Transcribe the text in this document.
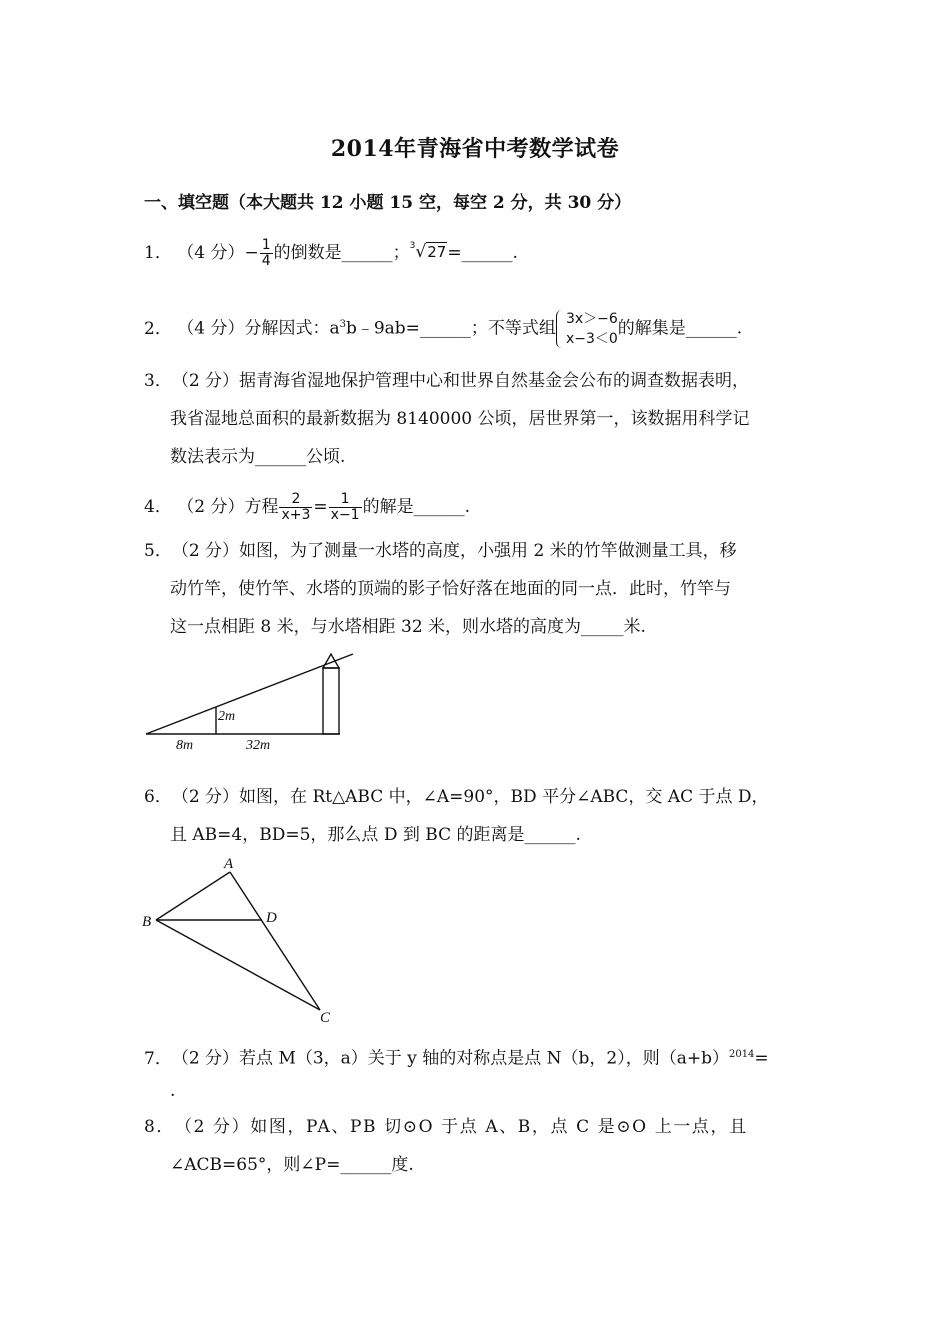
2014年青海省中考数学试卷
一、填空题（本大题共 12 小题 15 空，每空 2 分，共 30 分）
1． （4 分）− $\frac{1}{4}$ 的倒数是______；$^3$√27=______.
2． （4 分）分解因式：$a^3b﹣9ab=\_\_\_\_\_\_$；不等式组 3x＞−6
x−3＜0
的解集是______.
3．（2 分）据青海省湿地保护管理中心和世界自然基金会公布的调查数据表明，
我省湿地总面积的最新数据为 8140000 公顷，居世界第一，该数据用科学记
数法表示为______公顷.
4． （2 分）方程 $\frac{2}{x+3} = \frac{1}{x-1}$ 的解是______.
5．（2 分）如图，为了测量一水塔的高度，小强用 2 米的竹竿做测量工具，移
动竹竿，使竹竿、水塔的顶端的影子恰好落在地面的同一点．此时，竹竿与
这一点相距 8 米，与水塔相距 32 米，则水塔的高度为_____米.
2m
8m	32m
6．（2 分）如图，在 Rt△ABC 中，∠A=90°，BD 平分∠ABC，交 AC 于点 D，
且 AB=4，BD=5，那么点 D 到 BC 的距离是______.
A
B	D
C
7．（2 分）若点 M（3，a）关于 y 轴的对称点是点 N（b，2），则$(a+b)^{2014}=$
.
8．（2 分）如图，PA、PB 切⊙O 于点 A、B，点 C 是⊙O 上一点，且
∠ACB=65°，则∠P=______度.
